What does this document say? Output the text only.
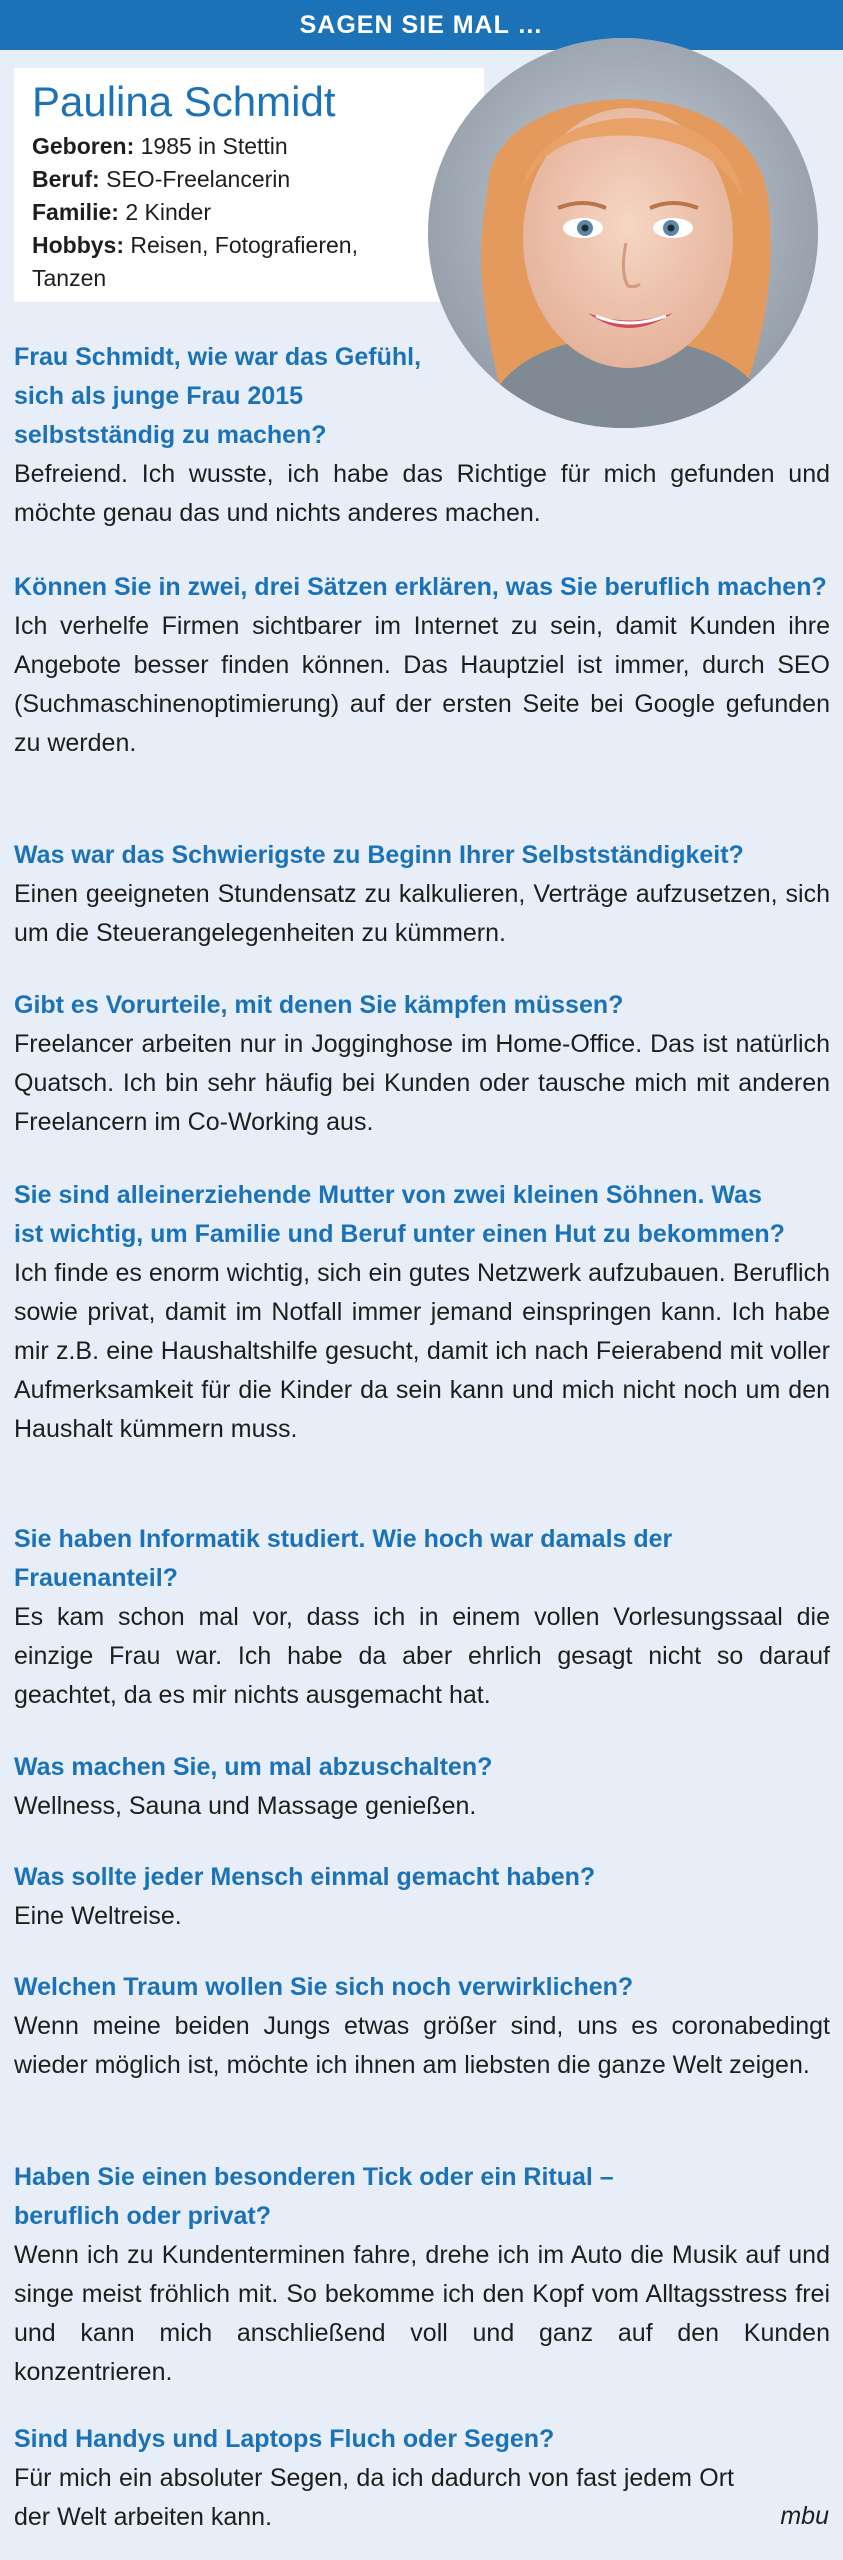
SAGEN SIE MAL …
Paulina Schmidt
Geboren: 1985 in Stettin
Beruf: SEO-Freelancerin
Familie: 2 Kinder
Hobbys: Reisen, Fotografieren,
Tanzen
Frau Schmidt, wie war das Gefühl, sich als junge Frau 2015 selbstständig zu machen?
Befreiend. Ich wusste, ich habe das Richtige für mich gefunden und möchte genau das und nichts anderes machen.
Können Sie in zwei, drei Sätzen erklären, was Sie beruflich machen?
Ich verhelfe Firmen sichtbarer im Internet zu sein, damit Kunden ihre Angebote besser finden können. Das Hauptziel ist immer, durch SEO (Suchmaschinenoptimierung) auf der ersten Seite bei Google gefunden zu werden.
Was war das Schwierigste zu Beginn Ihrer Selbstständigkeit?
Einen geeigneten Stundensatz zu kalkulieren, Verträge aufzusetzen, sich um die Steuerangelegenheiten zu kümmern.
Gibt es Vorurteile, mit denen Sie kämpfen müssen?
Freelancer arbeiten nur in Jogginghose im Home-Office. Das ist natürlich Quatsch. Ich bin sehr häufig bei Kunden oder tausche mich mit anderen Freelancern im Co-Working aus.
Sie sind alleinerziehende Mutter von zwei kleinen Söhnen. Was ist wichtig, um Familie und Beruf unter einen Hut zu bekommen?
Ich finde es enorm wichtig, sich ein gutes Netzwerk aufzubauen. Beruflich sowie privat, damit im Notfall immer jemand einspringen kann. Ich habe mir z.B. eine Haushaltshilfe gesucht, damit ich nach Feierabend mit voller Aufmerksamkeit für die Kinder da sein kann und mich nicht noch um den Haushalt kümmern muss.
Sie haben Informatik studiert. Wie hoch war damals der Frauenanteil?
Es kam schon mal vor, dass ich in einem vollen Vorlesungssaal die einzige Frau war. Ich habe da aber ehrlich gesagt nicht so darauf geachtet, da es mir nichts ausgemacht hat.
Was machen Sie, um mal abzuschalten?
Wellness, Sauna und Massage genießen.
Was sollte jeder Mensch einmal gemacht haben?
Eine Weltreise.
Welchen Traum wollen Sie sich noch verwirklichen?
Wenn meine beiden Jungs etwas größer sind, uns es coronabedingt wieder möglich ist, möchte ich ihnen am liebsten die ganze Welt zeigen.
Haben Sie einen besonderen Tick oder ein Ritual – beruflich oder privat?
Wenn ich zu Kundenterminen fahre, drehe ich im Auto die Musik auf und singe meist fröhlich mit. So bekomme ich den Kopf vom Alltagsstress frei und kann mich anschließend voll und ganz auf den Kunden konzentrieren.
Sind Handys und Laptops Fluch oder Segen?
Für mich ein absoluter Segen, da ich dadurch von fast jedem Ort der Welt arbeiten kann.	mbu
